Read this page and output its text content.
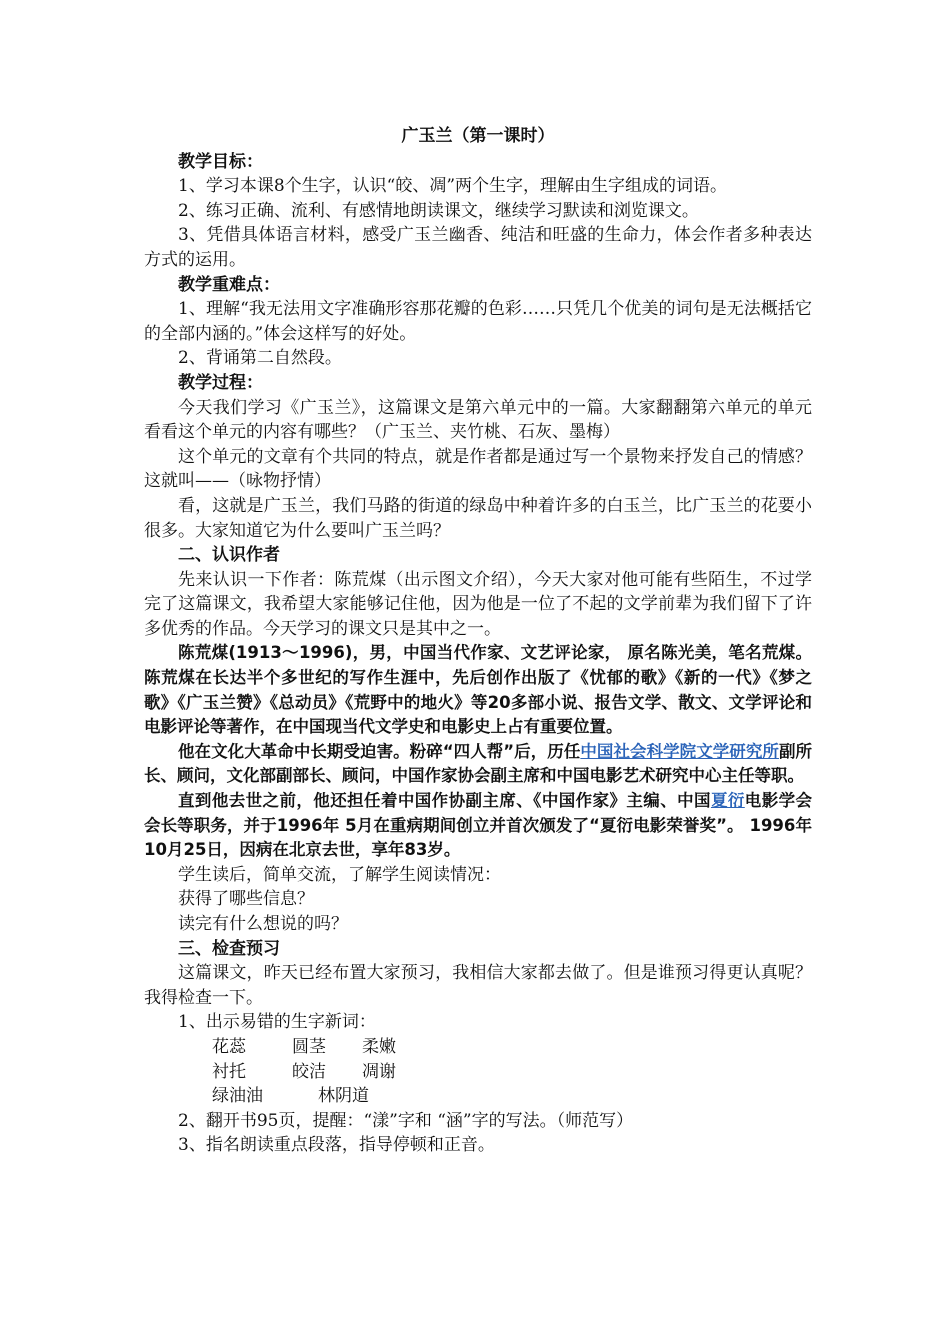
广玉兰（第一课时）

教学目标：

1、学习本课8个生字，认识“皎、凋”两个生字，理解由生字组成的词语。

2、练习正确、流利、有感情地朗读课文，继续学习默读和浏览课文。

3、凭借具体语言材料，感受广玉兰幽香、纯洁和旺盛的生命力，体会作者多种表达方式的运用。

教学重难点：

1、理解“我无法用文字准确形容那花瓣的色彩……只凭几个优美的词句是无法概括它的全部内涵的。”体会这样写的好处。

2、背诵第二自然段。

教学过程：

今天我们学习《广玉兰》，这篇课文是第六单元中的一篇。大家翻翻第六单元的单元看看这个单元的内容有哪些？（广玉兰、夹竹桃、石灰、墨梅）

这个单元的文章有个共同的特点，就是作者都是通过写一个景物来抒发自己的情感？这就叫——（咏物抒情）

看，这就是广玉兰，我们马路的街道的绿岛中种着许多的白玉兰，比广玉兰的花要小很多。大家知道它为什么要叫广玉兰吗？

二、认识作者

先来认识一下作者：陈荒煤（出示图文介绍），今天大家对他可能有些陌生，不过学完了这篇课文，我希望大家能够记住他，因为他是一位了不起的文学前辈为我们留下了许多优秀的作品。今天学习的课文只是其中之一。

陈荒煤(1913～1996)，男，中国当代作家、文艺评论家， 原名陈光美，笔名荒煤。陈荒煤在长达半个多世纪的写作生涯中，先后创作出版了《忧郁的歌》《新的一代》《梦之歌》《广玉兰赞》《总动员》《荒野中的地火》等20多部小说、报告文学、散文、文学评论和电影评论等著作，在中国现当代文学史和电影史上占有重要位置。

他在文化大革命中长期受迫害。粉碎“四人帮”后，历任中国社会科学院文学研究所副所长、顾问，文化部副部长、顾问，中国作家协会副主席和中国电影艺术研究中心主任等职。

直到他去世之前，他还担任着中国作协副主席、《中国作家》主编、中国夏衍电影学会会长等职务，并于1996年 5月在重病期间创立并首次颁发了“夏衍电影荣誉奖”。 1996年10月25日，因病在北京去世，享年83岁。

学生读后，简单交流，了解学生阅读情况：

获得了哪些信息？

读完有什么想说的吗？

三、检查预习

这篇课文，昨天已经布置大家预习，我相信大家都去做了。但是谁预习得更认真呢？我得检查一下。

1、出示易错的生字新词：

花蕊	圆茎 柔嫩

衬托	皎洁 凋谢

绿油油	林阴道

2、翻开书95页，提醒：“漾”字和 “涵”字的写法。（师范写）

3、指名朗读重点段落，指导停顿和正音。
